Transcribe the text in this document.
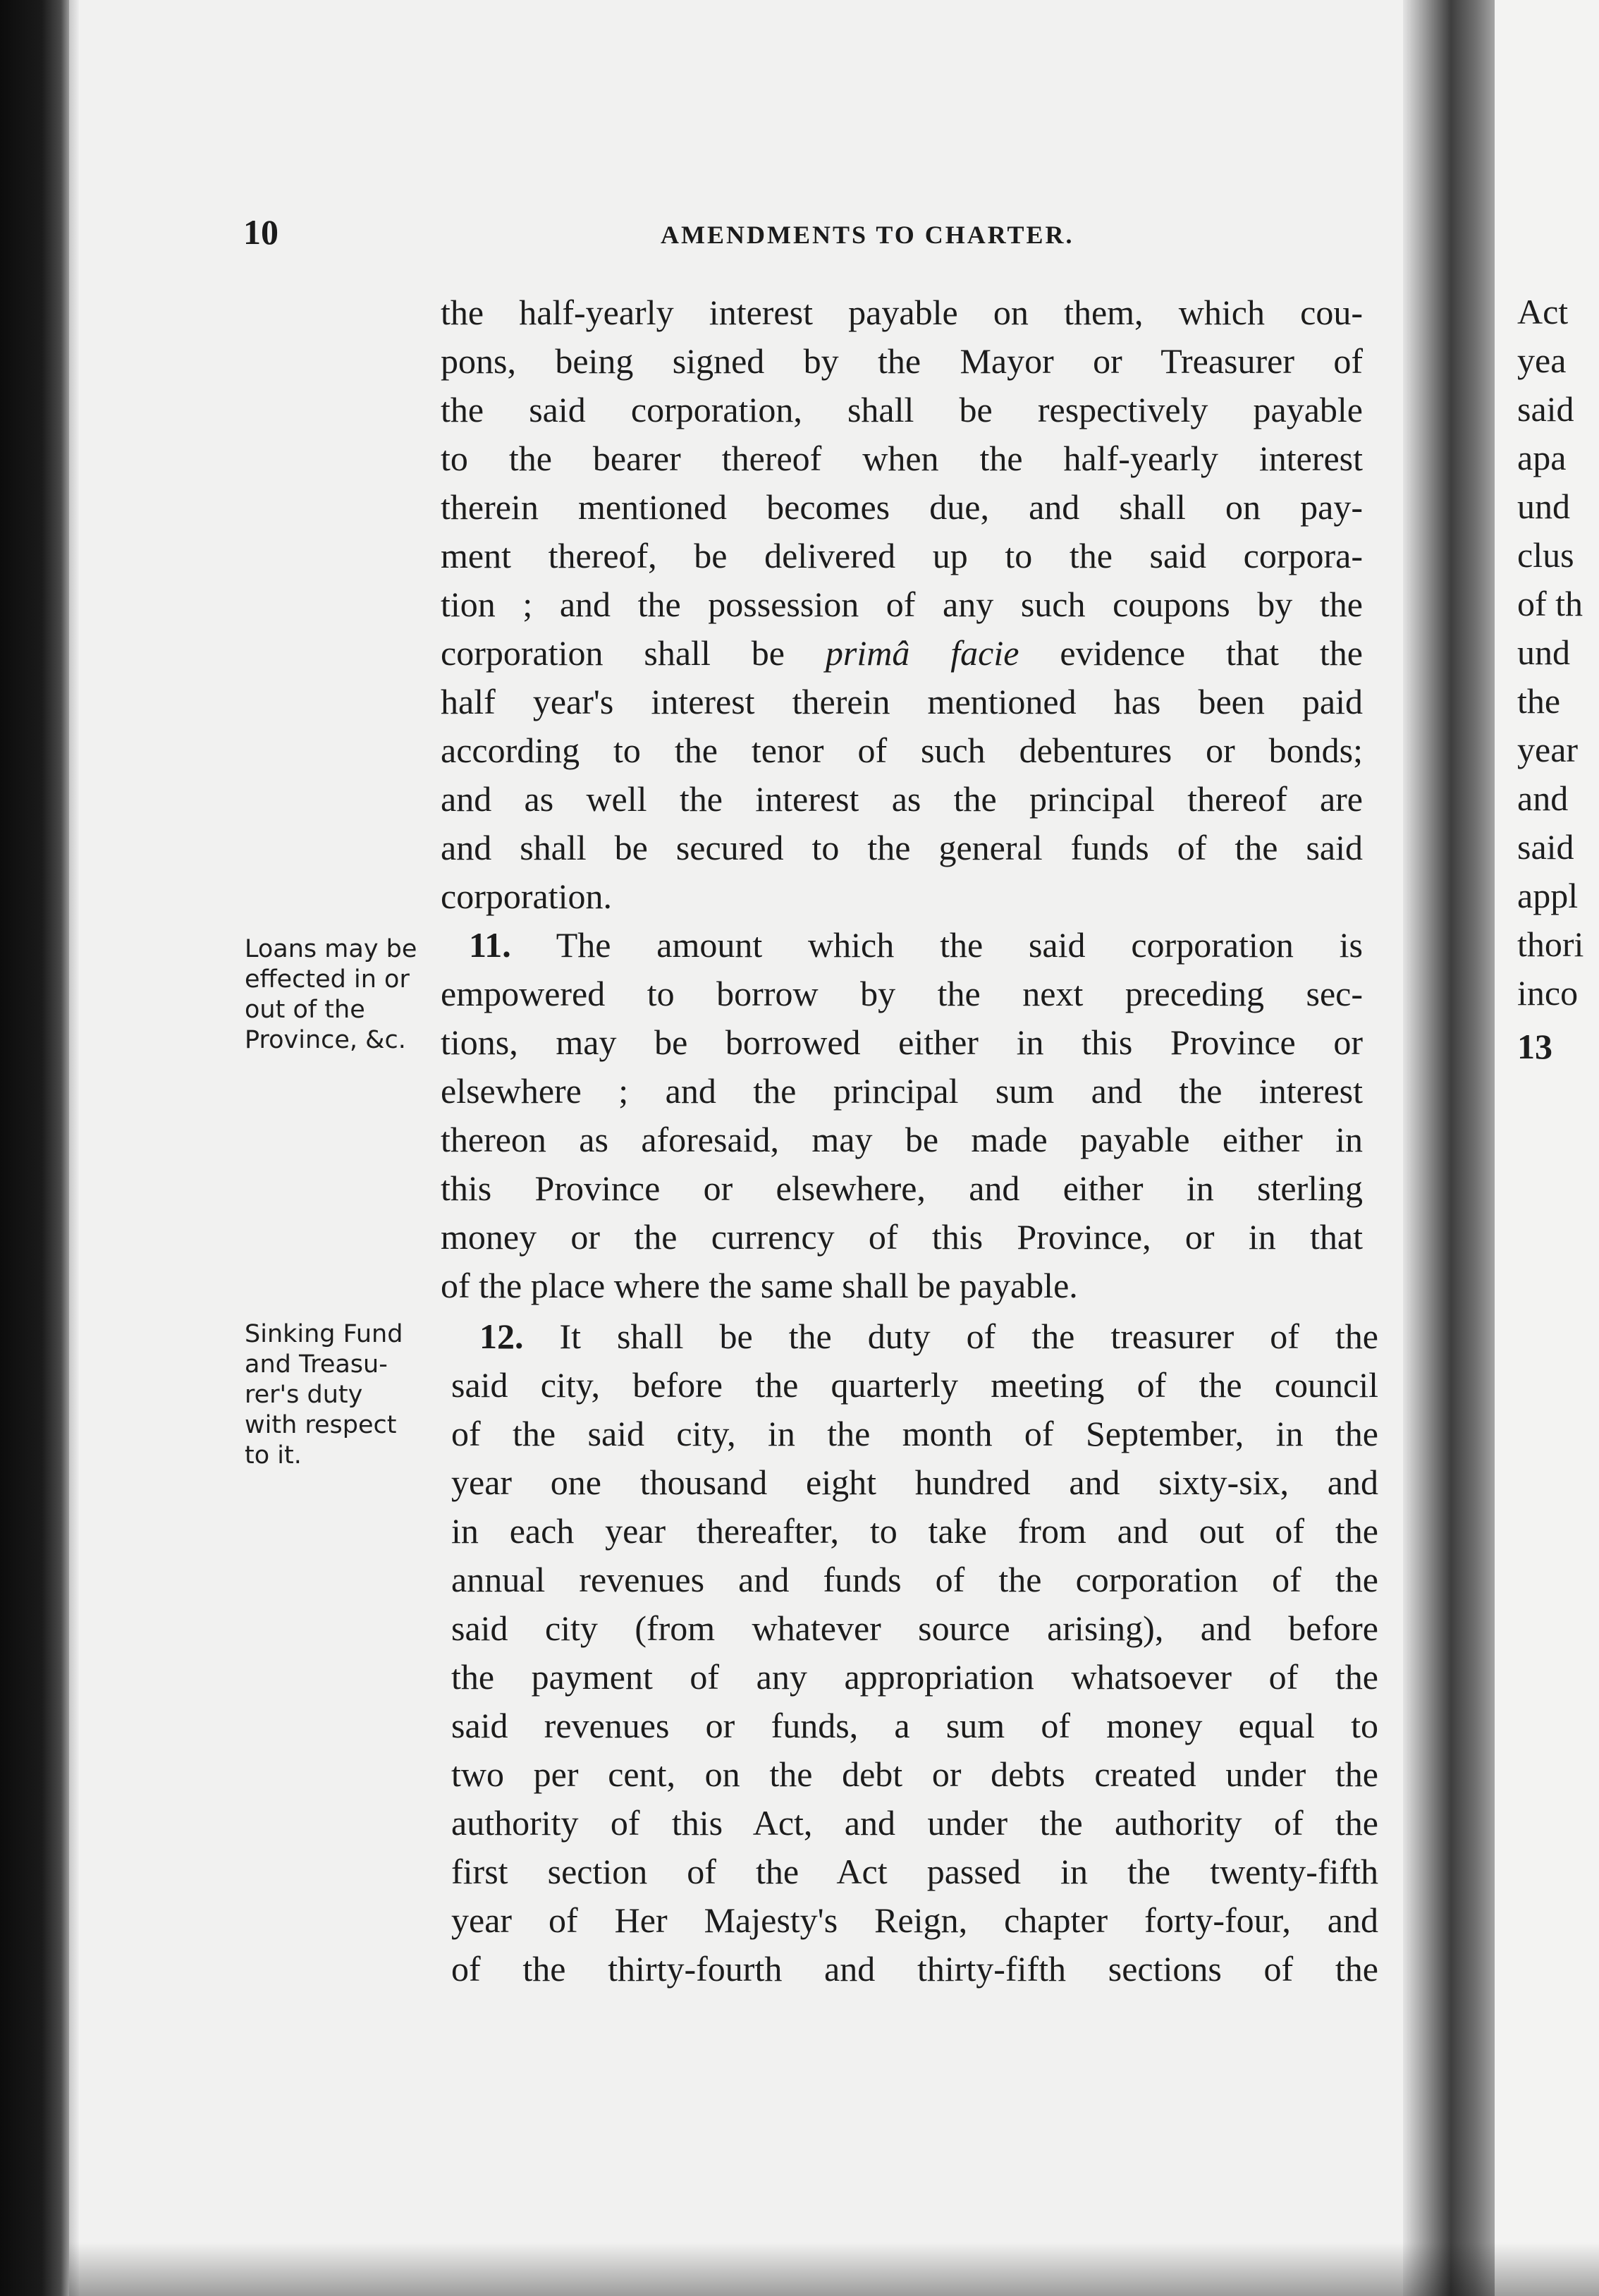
10	AMENDMENTS TO CHARTER.
the half-yearly interest payable on them, which cou-
pons, being signed by the Mayor or Treasurer of
the said corporation, shall be respectively payable
to the bearer thereof when the half-yearly interest
therein mentioned becomes due, and shall on pay-
ment thereof, be delivered up to the said corpora-
tion ; and the possession of any such coupons by the
corporation shall be primâ facie evidence that the
half year's interest therein mentioned has been paid
according to the tenor of such debentures or bonds;
and as well the interest as the principal thereof are
and shall be secured to the general funds of the said
corporation.
Loans may be
effected in or
out of the
Province, &c.
11. The amount which the said corporation is
empowered to borrow by the next preceding sec-
tions, may be borrowed either in this Province or
elsewhere ; and the principal sum and the interest
thereon as aforesaid, may be made payable either in
this Province or elsewhere, and either in sterling
money or the currency of this Province, or in that
of the place where the same shall be payable.
Sinking Fund
and Treasu-
rer's duty
with respect
to it.
12. It shall be the duty of the treasurer of the
said city, before the quarterly meeting of the council
of the said city, in the month of September, in the
year one thousand eight hundred and sixty-six, and
in each year thereafter, to take from and out of the
annual revenues and funds of the corporation of the
said city (from whatever source arising), and before
the payment of any appropriation whatsoever of the
said revenues or funds, a sum of money equal to
two per cent, on the debt or debts created under the
authority of this Act, and under the authority of the
first section of the Act passed in the twenty-fifth
year of Her Majesty's Reign, chapter forty-four, and
of the thirty-fourth and thirty-fifth sections of the
Act
yea
said
apa
und
clus
of th
und
the
year
and
said
appl
thori
inco
13
